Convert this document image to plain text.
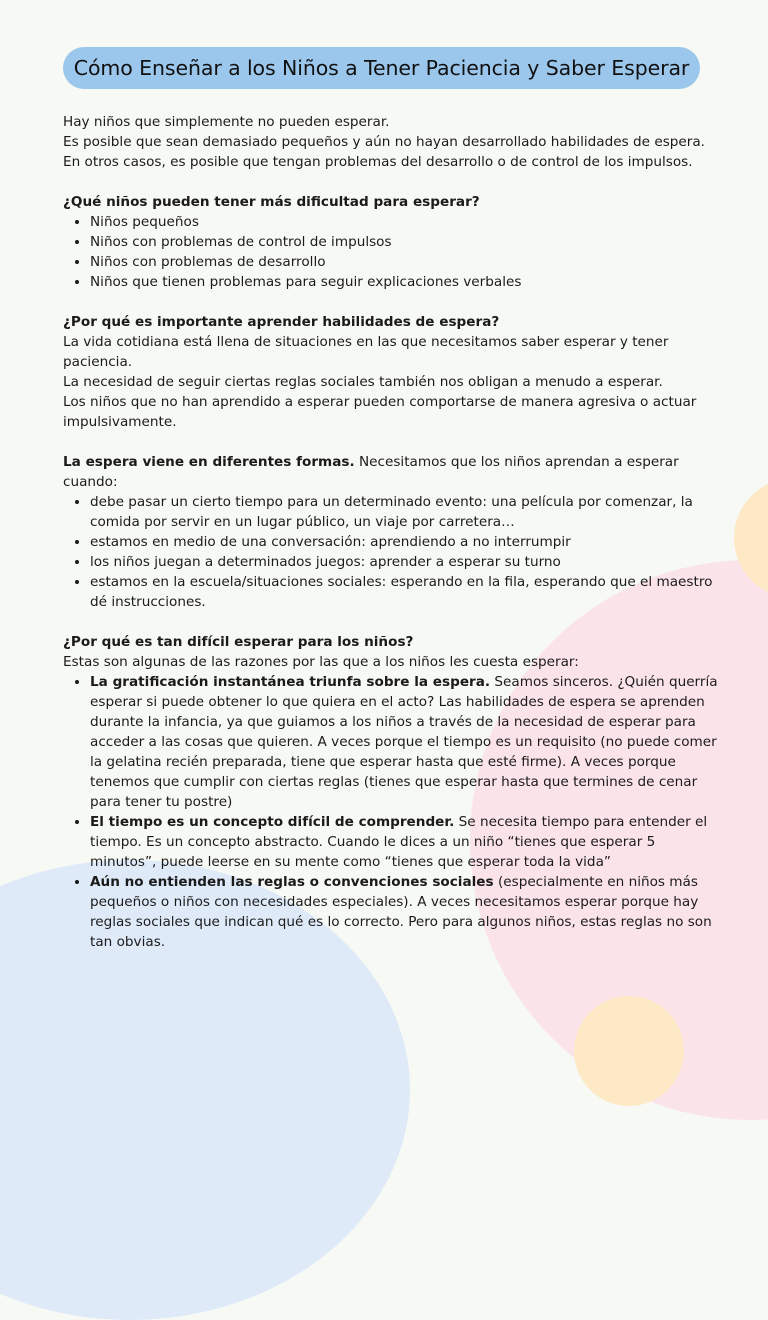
Cómo Enseñar a los Niños a Tener Paciencia y Saber Esperar

Hay niños que simplemente no pueden esperar.

Es posible que sean demasiado pequeños y aún no hayan desarrollado habilidades de espera.

En otros casos, es posible que tengan problemas del desarrollo o de control de los impulsos.

¿Qué niños pueden tener más dificultad para esperar?

• Niños pequeños
• Niños con problemas de control de impulsos
• Niños con problemas de desarrollo
• Niños que tienen problemas para seguir explicaciones verbales

¿Por qué es importante aprender habilidades de espera?

La vida cotidiana está llena de situaciones en las que necesitamos saber esperar y tener paciencia.

La necesidad de seguir ciertas reglas sociales también nos obligan a menudo a esperar.

Los niños que no han aprendido a esperar pueden comportarse de manera agresiva o actuar impulsivamente.

La espera viene en diferentes formas. Necesitamos que los niños aprendan a esperar cuando:

• debe pasar un cierto tiempo para un determinado evento: una película por comenzar, la comida por servir en un lugar público, un viaje por carretera…
• estamos en medio de una conversación: aprendiendo a no interrumpir
• los niños juegan a determinados juegos: aprender a esperar su turno
• estamos en la escuela/situaciones sociales: esperando en la fila, esperando que el maestro dé instrucciones.

¿Por qué es tan difícil esperar para los niños?

Estas son algunas de las razones por las que a los niños les cuesta esperar:

• La gratificación instantánea triunfa sobre la espera. Seamos sinceros. ¿Quién querría esperar si puede obtener lo que quiera en el acto? Las habilidades de espera se aprenden durante la infancia, ya que guiamos a los niños a través de la necesidad de esperar para acceder a las cosas que quieren. A veces porque el tiempo es un requisito (no puede comer la gelatina recién preparada, tiene que esperar hasta que esté firme). A veces porque tenemos que cumplir con ciertas reglas (tienes que esperar hasta que termines de cenar para tener tu postre)
• El tiempo es un concepto difícil de comprender. Se necesita tiempo para entender el tiempo. Es un concepto abstracto. Cuando le dices a un niño “tienes que esperar 5 minutos”, puede leerse en su mente como “tienes que esperar toda la vida”
• Aún no entienden las reglas o convenciones sociales (especialmente en niños más pequeños o niños con necesidades especiales). A veces necesitamos esperar porque hay reglas sociales que indican qué es lo correcto. Pero para algunos niños, estas reglas no son tan obvias.
